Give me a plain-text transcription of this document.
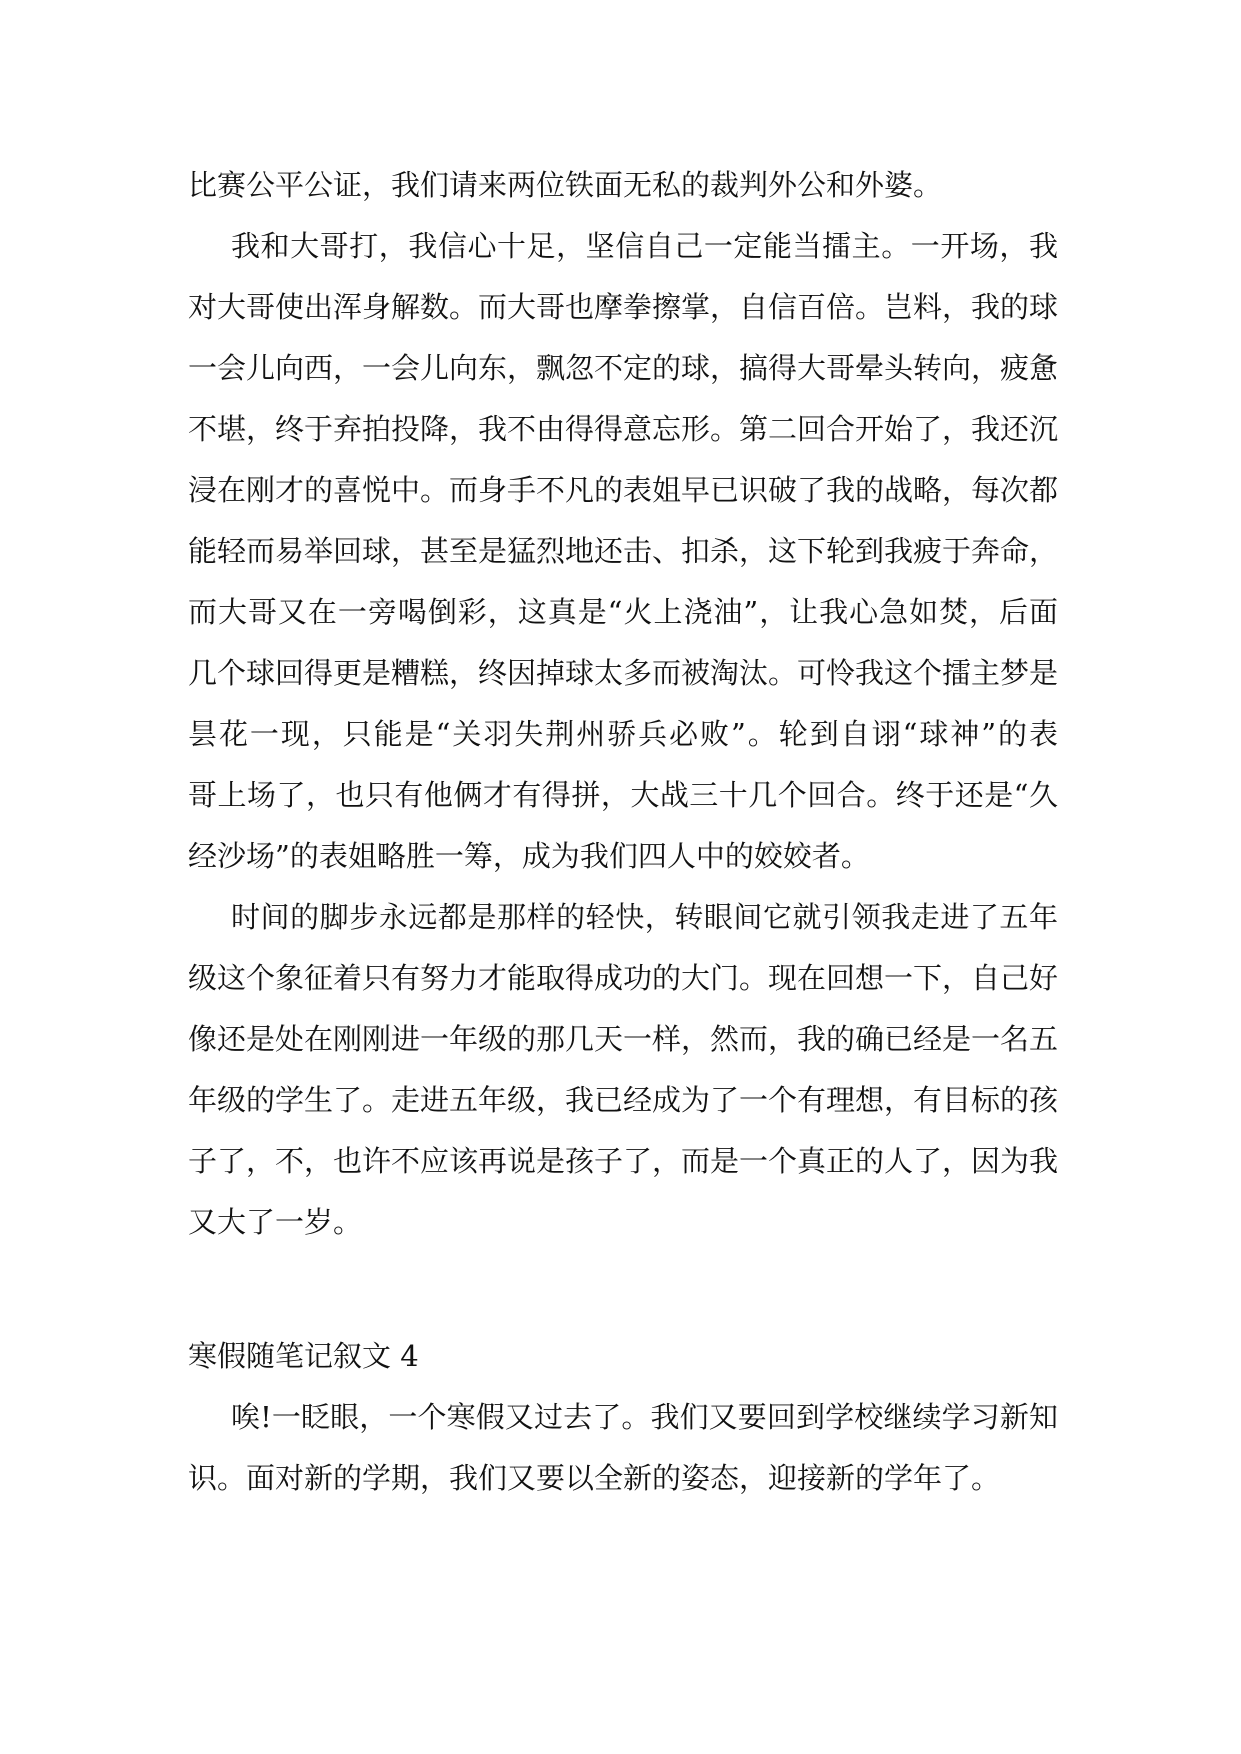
比赛公平公证，我们请来两位铁面无私的裁判外公和外婆。
我和大哥打，我信心十足，坚信自己一定能当擂主。一开场，我
对大哥使出浑身解数。而大哥也摩拳擦掌，自信百倍。岂料，我的球
一会儿向西，一会儿向东，飘忽不定的球，搞得大哥晕头转向，疲惫
不堪，终于弃拍投降，我不由得得意忘形。第二回合开始了，我还沉
浸在刚才的喜悦中。而身手不凡的表姐早已识破了我的战略，每次都
能轻而易举回球，甚至是猛烈地还击、扣杀，这下轮到我疲于奔命，
而大哥又在一旁喝倒彩，这真是“火上浇油”，让我心急如焚，后面
几个球回得更是糟糕，终因掉球太多而被淘汰。可怜我这个擂主梦是
昙花一现，只能是“关羽失荆州骄兵必败”。轮到自诩“球神”的表
哥上场了，也只有他俩才有得拼，大战三十几个回合。终于还是“久
经沙场”的表姐略胜一筹，成为我们四人中的姣姣者。
时间的脚步永远都是那样的轻快，转眼间它就引领我走进了五年
级这个象征着只有努力才能取得成功的大门。现在回想一下，自己好
像还是处在刚刚进一年级的那几天一样，然而，我的确已经是一名五
年级的学生了。走进五年级，我已经成为了一个有理想，有目标的孩
子了，不，也许不应该再说是孩子了，而是一个真正的人了，因为我
又大了一岁。
寒假随笔记叙文 4
唉!一眨眼，一个寒假又过去了。我们又要回到学校继续学习新知
识。面对新的学期，我们又要以全新的姿态，迎接新的学年了。
